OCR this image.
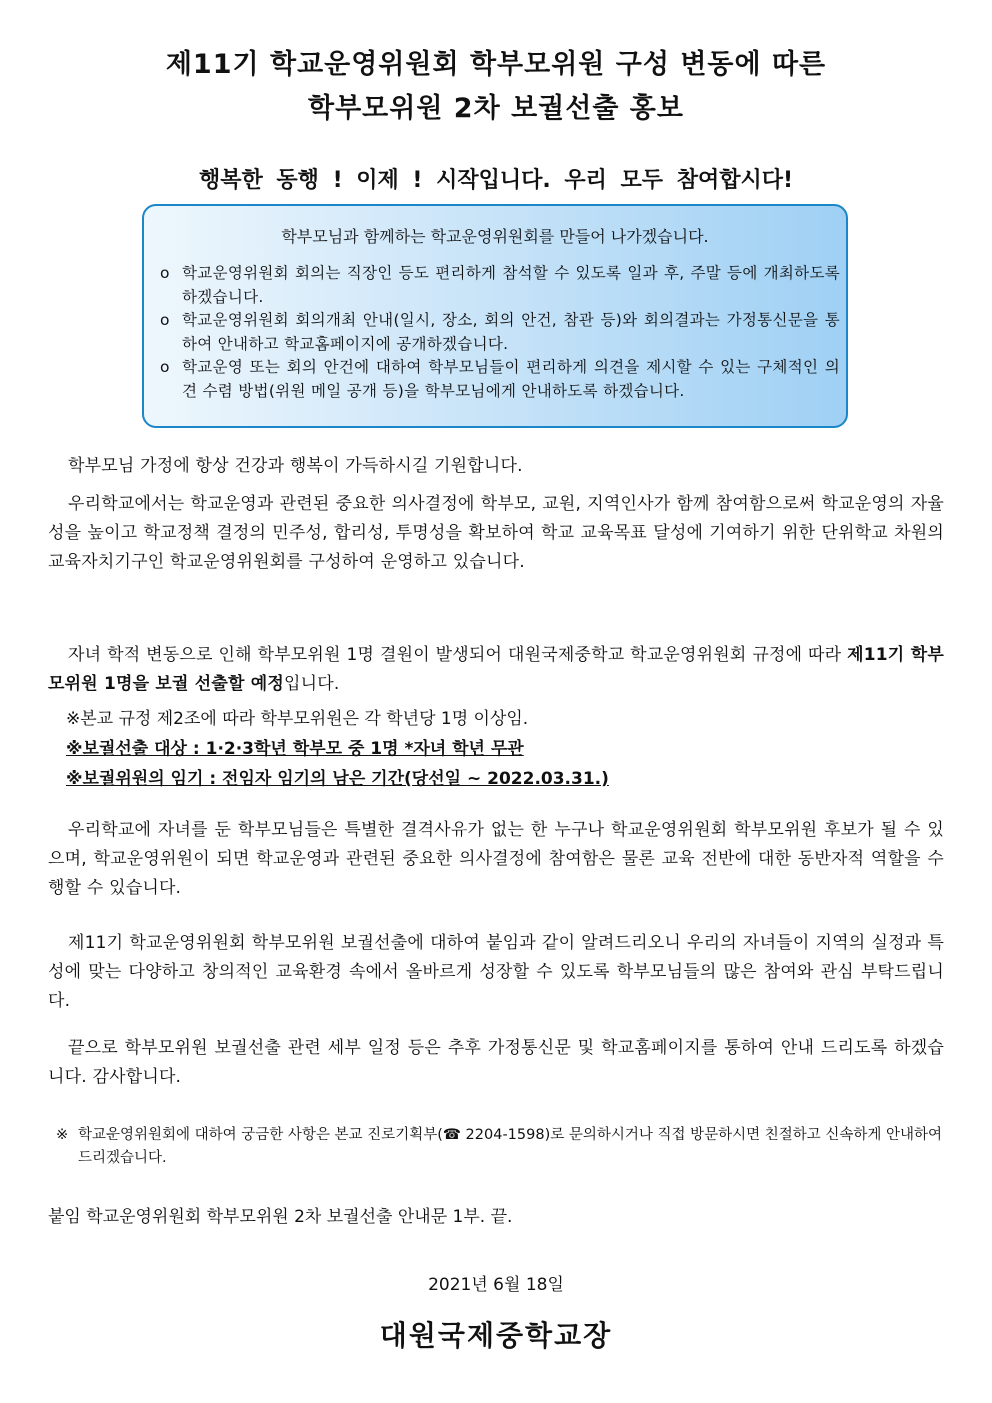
제11기 학교운영위원회 학부모위원 구성 변동에 따른
학부모위원 2차 보궐선출 홍보
행복한 동행 ! 이제 ! 시작입니다. 우리 모두 참여합시다!
학부모님과 함께하는 학교운영위원회를 만들어 나가겠습니다.
o 학교운영위원회 회의는 직장인 등도 편리하게 참석할 수 있도록 일과 후, 주말 등에 개최하도록 하겠습니다.
o 학교운영위원회 회의개최 안내(일시, 장소, 회의 안건, 참관 등)와 회의결과는 가정통신문을 통하여 안내하고 학교홈페이지에 공개하겠습니다.
o 학교운영 또는 회의 안건에 대하여 학부모님들이 편리하게 의견을 제시할 수 있는 구체적인 의견 수렴 방법(위원 메일 공개 등)을 학부모님에게 안내하도록 하겠습니다.
학부모님 가정에 항상 건강과 행복이 가득하시길 기원합니다.
우리학교에서는 학교운영과 관련된 중요한 의사결정에 학부모, 교원, 지역인사가 함께 참여함으로써 학교운영의 자율성을 높이고 학교정책 결정의 민주성, 합리성, 투명성을 확보하여 학교 교육목표 달성에 기여하기 위한 단위학교 차원의 교육자치기구인 학교운영위원회를 구성하여 운영하고 있습니다.
자녀 학적 변동으로 인해 학부모위원 1명 결원이 발생되어 대원국제중학교 학교운영위원회 규정에 따라 제11기 학부모위원 1명을 보궐 선출할 예정입니다.
※본교 규정 제2조에 따라 학부모위원은 각 학년당 1명 이상임.
※보궐선출 대상 : 1·2·3학년 학부모 중 1명 *자녀 학년 무관
※보궐위원의 임기 : 전임자 임기의 남은 기간(당선일 ~ 2022.03.31.)
우리학교에 자녀를 둔 학부모님들은 특별한 결격사유가 없는 한 누구나 학교운영위원회 학부모위원 후보가 될 수 있으며, 학교운영위원이 되면 학교운영과 관련된 중요한 의사결정에 참여함은 물론 교육 전반에 대한 동반자적 역할을 수행할 수 있습니다.
제11기 학교운영위원회 학부모위원 보궐선출에 대하여 붙임과 같이 알려드리오니 우리의 자녀들이 지역의 실정과 특성에 맞는 다양하고 창의적인 교육환경 속에서 올바르게 성장할 수 있도록 학부모님들의 많은 참여와 관심 부탁드립니다.
끝으로 학부모위원 보궐선출 관련 세부 일정 등은 추후 가정통신문 및 학교홈페이지를 통하여 안내 드리도록 하겠습니다. 감사합니다.
※ 학교운영위원회에 대하여 궁금한 사항은 본교 진로기획부(☎ 2204-1598)로 문의하시거나 직접 방문하시면 친절하고 신속하게 안내하여 드리겠습니다.
붙임 학교운영위원회 학부모위원 2차 보궐선출 안내문 1부. 끝.
2021년 6월 18일
대원국제중학교장
